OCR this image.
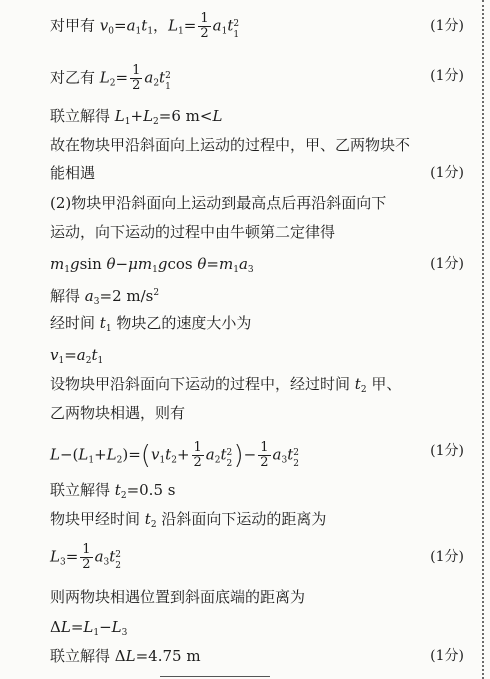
对甲有 $v_0=a_1t_1$，$L_1= \frac{1}{2} a_1t$ 2
1
(1分)
对乙有 $L_2= \frac{1}{2} a_2t$ 2
1
(1分)
联立解得 $L_1+L_2=6$ m<L
故在物块甲沿斜面向上运动的过程中，甲、乙两物块不
能相遇	(1分)
(2)物块甲沿斜面向上运动到最高点后再沿斜面向下
运动，向下运动的过程中由牛顿第二定律得
$m_1gsin$ $\theta-\mu m_1gcos$ $\theta=m_1a_3$	(1分)
解得 $a_3=2$ $m/s^2$
经时间 $t_1$ 物块乙的速度大小为
$v_1=a_2t_1$
设物块甲沿斜面向下运动的过程中，经过时间 $t_2$ 甲、
乙两物块相遇，则有
$L-(L_1+L_2)=(v_1t_2+ \frac{1}{2} a_2t$ 2
2 )− $\frac{1}{2} a_3t$ 2
2
(1分)
联立解得 $t_2=0.5$ s
物块甲经时间 $t_2$ 沿斜面向下运动的距离为
$L_3= \frac{1}{2} a_3t$ 2
2
(1分)
则两物块相遇位置到斜面底端的距离为
$\Delta L=L_1-L_3$
联立解得 ΔL=4.75 m	(1分)
